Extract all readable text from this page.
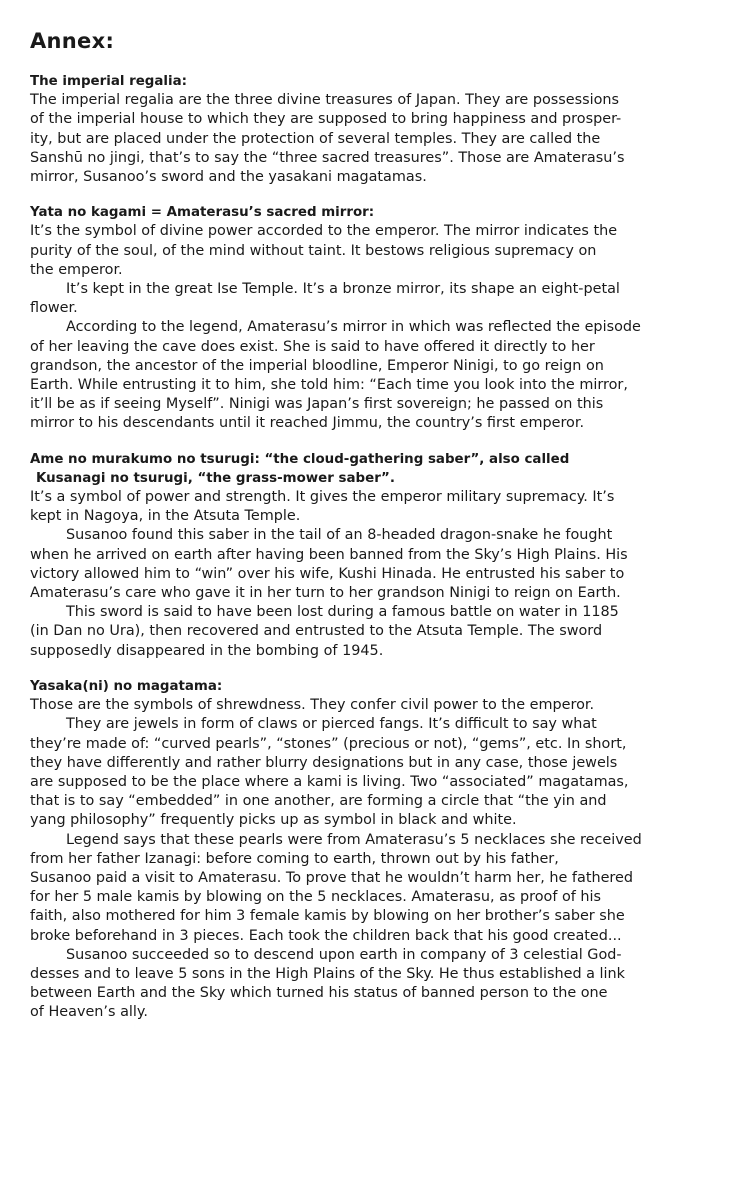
Annex:
The imperial regalia:
The imperial regalia are the three divine treasures of Japan. They are possessions
of the imperial house to which they are supposed to bring happiness and prosper-
ity, but are placed under the protection of several temples. They are called the
Sanshū no jingi, that’s to say the “three sacred treasures”. Those are Amaterasu’s
mirror, Susanoo’s sword and the yasakani magatamas.
Yata no kagami = Amaterasu’s sacred mirror:
It’s the symbol of divine power accorded to the emperor. The mirror indicates the
purity of the soul, of the mind without taint. It bestows religious supremacy on
the emperor.
It’s kept in the great Ise Temple. It’s a bronze mirror, its shape an eight-petal
flower.
According to the legend, Amaterasu’s mirror in which was reflected the episode
of her leaving the cave does exist. She is said to have offered it directly to her
grandson, the ancestor of the imperial bloodline, Emperor Ninigi, to go reign on
Earth. While entrusting it to him, she told him: “Each time you look into the mirror,
it’ll be as if seeing Myself”. Ninigi was Japan’s first sovereign; he passed on this
mirror to his descendants until it reached Jimmu, the country’s first emperor.
Ame no murakumo no tsurugi: “the cloud-gathering saber”, also called
Kusanagi no tsurugi, “the grass-mower saber”.
It’s a symbol of power and strength. It gives the emperor military supremacy. It’s
kept in Nagoya, in the Atsuta Temple.
Susanoo found this saber in the tail of an 8-headed dragon-snake he fought
when he arrived on earth after having been banned from the Sky’s High Plains. His
victory allowed him to “win” over his wife, Kushi Hinada. He entrusted his saber to
Amaterasu’s care who gave it in her turn to her grandson Ninigi to reign on Earth.
This sword is said to have been lost during a famous battle on water in 1185
(in Dan no Ura), then recovered and entrusted to the Atsuta Temple. The sword
supposedly disappeared in the bombing of 1945.
Yasaka(ni) no magatama:
Those are the symbols of shrewdness. They confer civil power to the emperor.
They are jewels in form of claws or pierced fangs. It’s difficult to say what
they’re made of: “curved pearls”, “stones” (precious or not), “gems”, etc. In short,
they have differently and rather blurry designations but in any case, those jewels
are supposed to be the place where a kami is living. Two “associated” magatamas,
that is to say “embedded” in one another, are forming a circle that “the yin and
yang philosophy” frequently picks up as symbol in black and white.
Legend says that these pearls were from Amaterasu’s 5 necklaces she received
from her father Izanagi: before coming to earth, thrown out by his father,
Susanoo paid a visit to Amaterasu. To prove that he wouldn’t harm her, he fathered
for her 5 male kamis by blowing on the 5 necklaces. Amaterasu, as proof of his
faith, also mothered for him 3 female kamis by blowing on her brother’s saber she
broke beforehand in 3 pieces. Each took the children back that his good created...
Susanoo succeeded so to descend upon earth in company of 3 celestial God-
desses and to leave 5 sons in the High Plains of the Sky. He thus established a link
between Earth and the Sky which turned his status of banned person to the one
of Heaven’s ally.
